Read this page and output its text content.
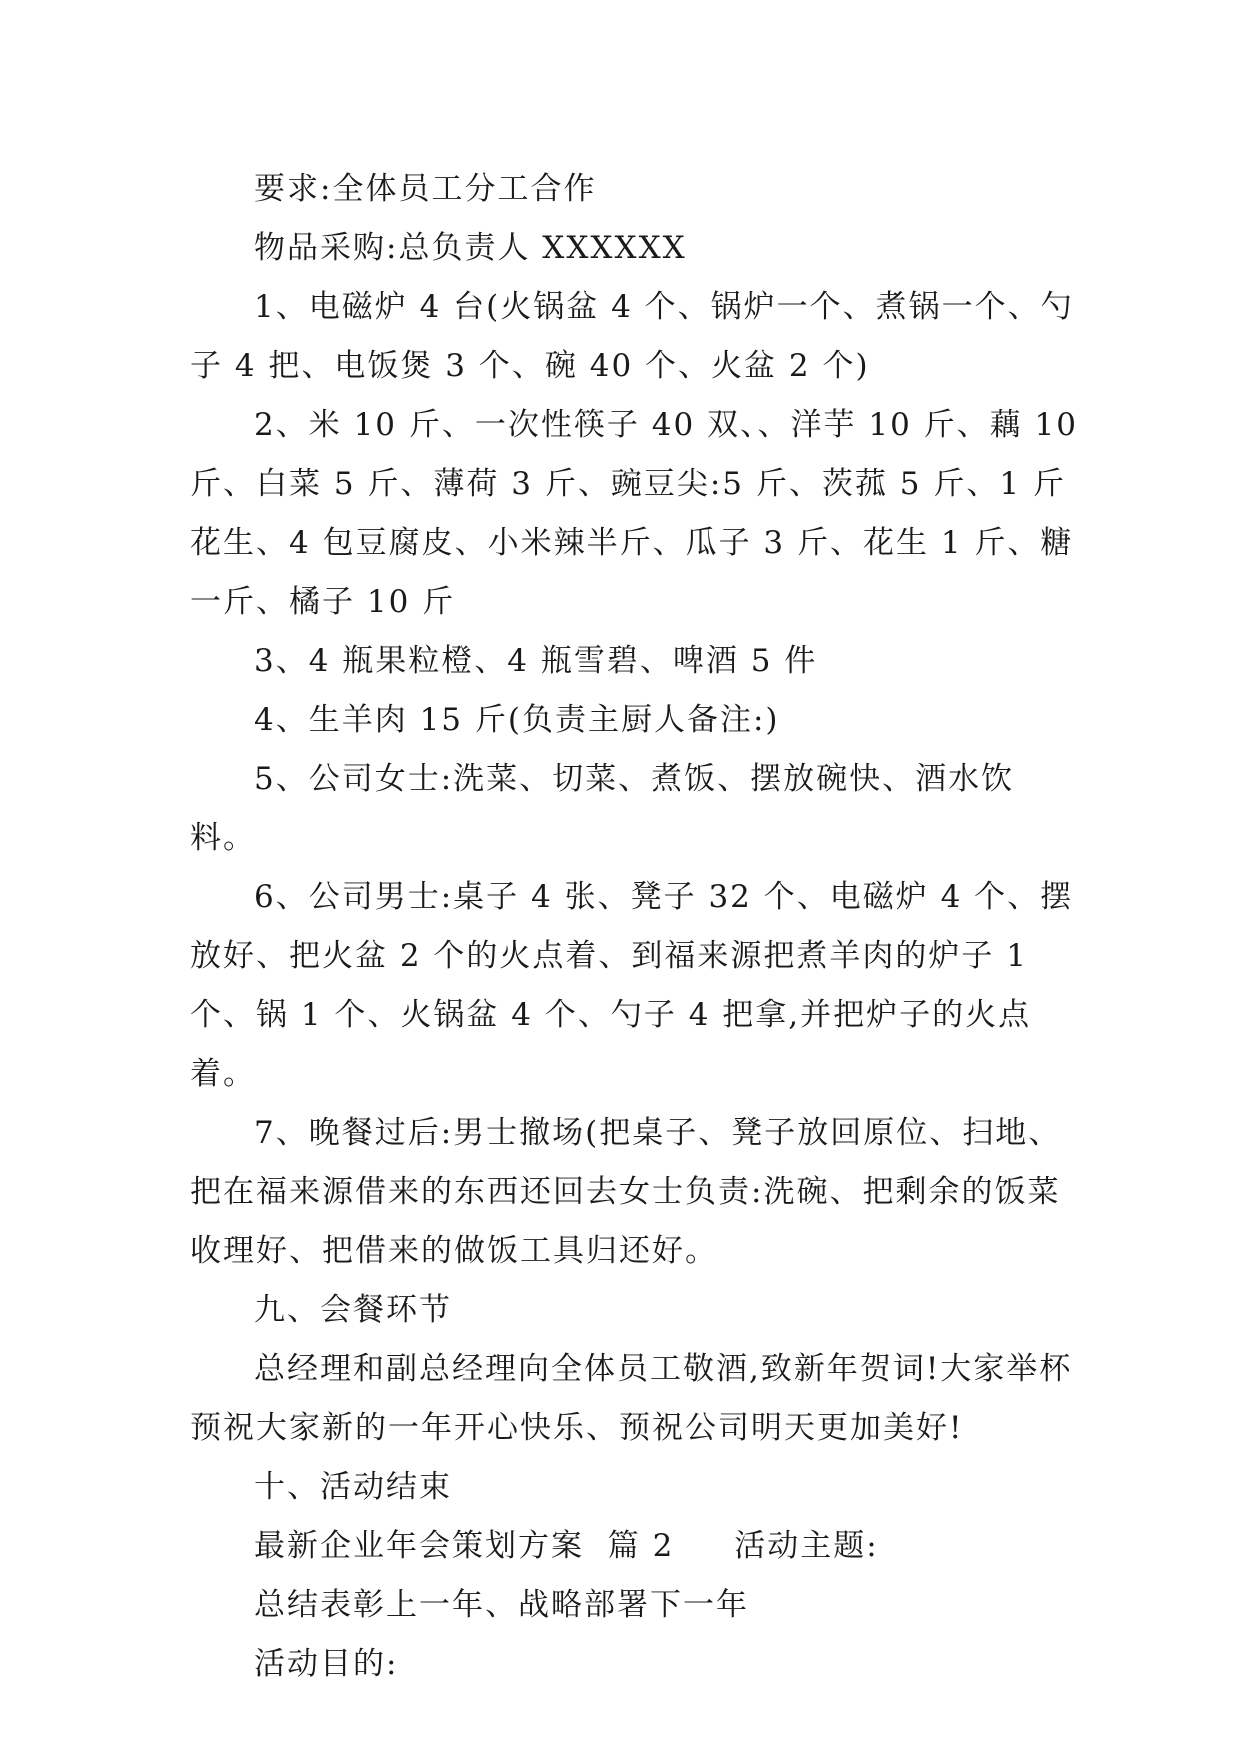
要求:全体员工分工合作

物品采购:总负责人 XXXXXX

1、电磁炉 4 台(火锅盆 4 个、锅炉一个、煮锅一个、勺子 4 把、电饭煲 3 个、碗 40 个、火盆 2 个)

2、米 10 斤、一次性筷子 40 双、、洋芋 10 斤、藕 10 斤、白菜 5 斤、薄荷 3 斤、豌豆尖:5 斤、茨菰 5 斤、1 斤花生、4 包豆腐皮、小米辣半斤、瓜子 3 斤、花生 1 斤、糖一斤、橘子 10 斤

3、4 瓶果粒橙、4 瓶雪碧、啤酒 5 件

4、生羊肉 15 斤(负责主厨人备注:)

5、公司女士:洗菜、切菜、煮饭、摆放碗快、酒水饮料。

6、公司男士:桌子 4 张、凳子 32 个、电磁炉 4 个、摆放好、把火盆 2 个的火点着、到福来源把煮羊肉的炉子 1 个、锅 1 个、火锅盆 4 个、勺子 4 把拿,并把炉子的火点着。

7、晚餐过后:男士撤场(把桌子、凳子放回原位、扫地、把在福来源借来的东西还回去女士负责:洗碗、把剩余的饭菜收理好、把借来的做饭工具归还好。

九、会餐环节

总经理和副总经理向全体员工敬酒,致新年贺词!大家举杯预祝大家新的一年开心快乐、预祝公司明天更加美好!

十、活动结束

最新企业年会策划方案 篇 2 活动主题:

总结表彰上一年、战略部署下一年

活动目的:
